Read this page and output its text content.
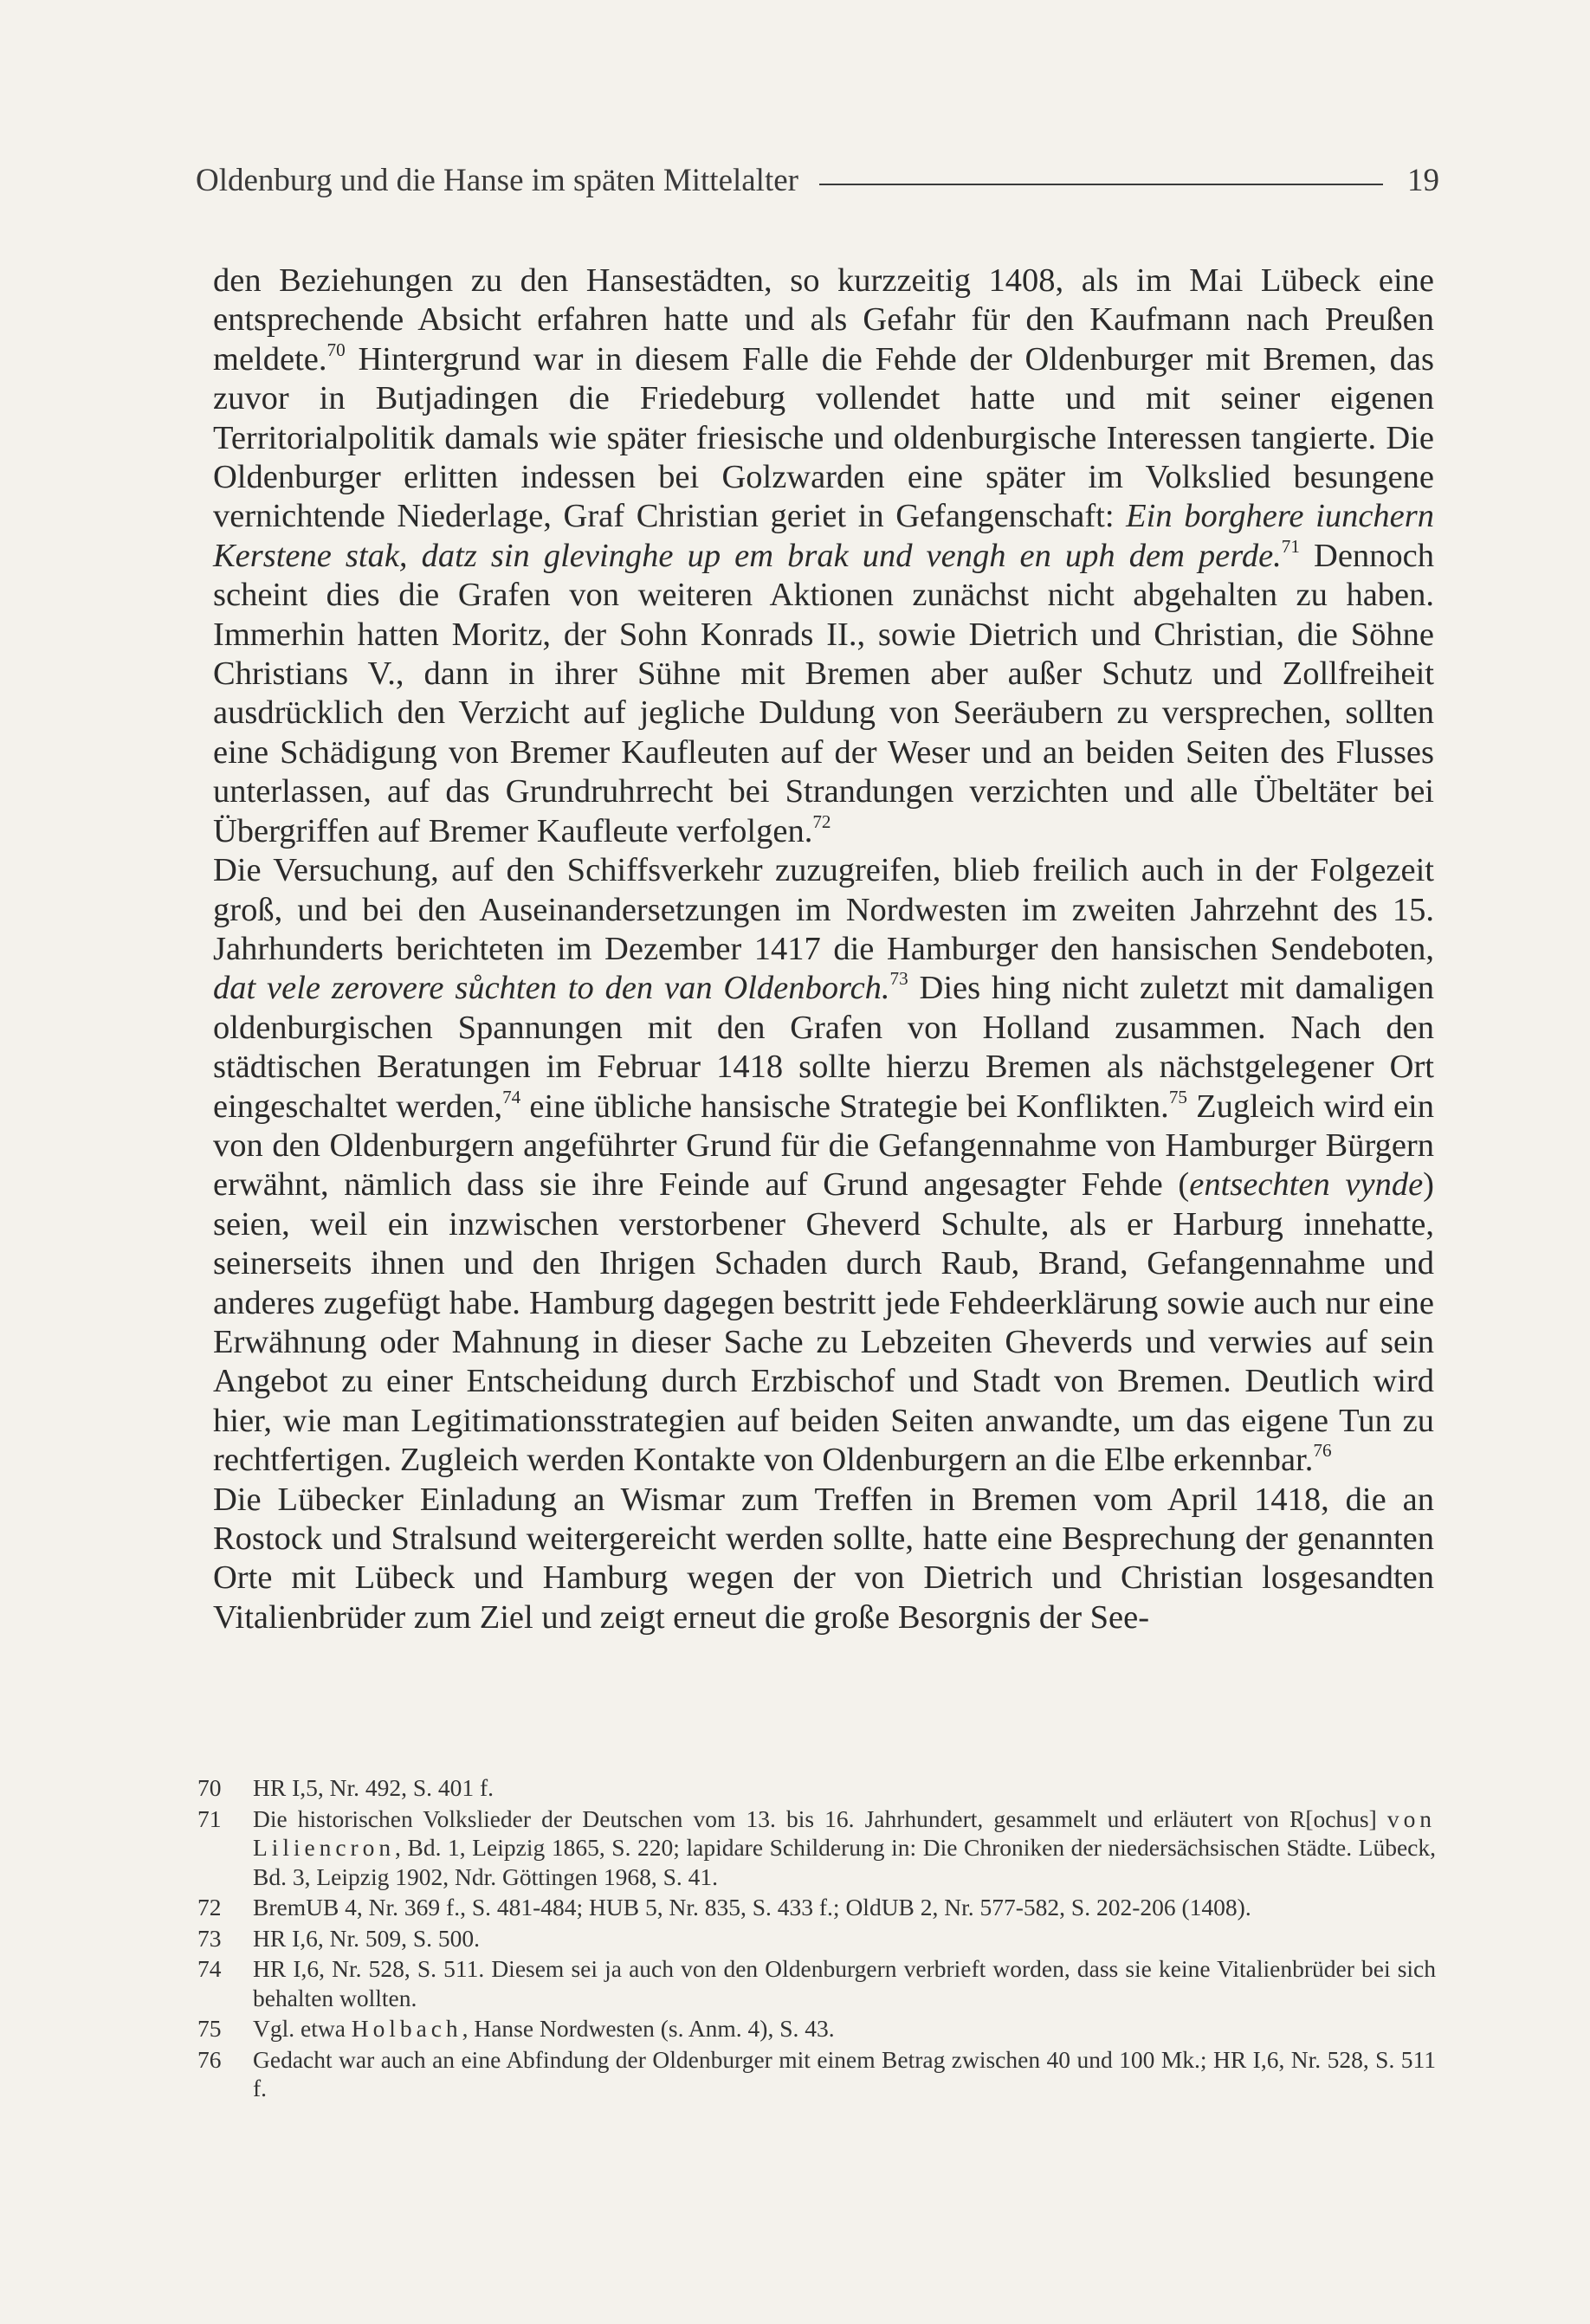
Oldenburg und die Hanse im späten Mittelalter	19

den Beziehungen zu den Hansestädten, so kurzzeitig 1408, als im Mai Lübeck eine entsprechende Absicht erfahren hatte und als Gefahr für den Kaufmann nach Preußen meldete.$^{70}$ Hintergrund war in diesem Falle die Fehde der Oldenburger mit Bremen, das zuvor in Butjadingen die Friedeburg vollendet hatte und mit seiner eigenen Territorialpolitik damals wie später friesische und oldenburgische Interessen tangierte. Die Oldenburger erlitten indessen bei Golzwarden eine später im Volkslied besungene vernichtende Niederlage, Graf Christian geriet in Gefangenschaft: Ein borghere iunchern Kerstene stak, datz sin glevinghe up em brak und vengh en uph dem perde.$^{71}$ Dennoch scheint dies die Grafen von weiteren Aktionen zunächst nicht abgehalten zu haben. Immerhin hatten Moritz, der Sohn Konrads II., sowie Dietrich und Christian, die Söhne Christians V., dann in ihrer Sühne mit Bremen aber außer Schutz und Zollfreiheit ausdrücklich den Verzicht auf jegliche Duldung von Seeräubern zu versprechen, sollten eine Schädigung von Bremer Kaufleuten auf der Weser und an beiden Seiten des Flusses unterlassen, auf das Grundruhrrecht bei Strandungen verzichten und alle Übeltäter bei Übergriffen auf Bremer Kaufleute verfolgen.$^{72}$

Die Versuchung, auf den Schiffsverkehr zuzugreifen, blieb freilich auch in der Folgezeit groß, und bei den Auseinandersetzungen im Nordwesten im zweiten Jahrzehnt des 15. Jahrhunderts berichteten im Dezember 1417 die Hamburger den hansischen Sendeboten, dat vele zerovere sůchten to den van Oldenborch.$^{73}$ Dies hing nicht zuletzt mit damaligen oldenburgischen Spannungen mit den Grafen von Holland zusammen. Nach den städtischen Beratungen im Februar 1418 sollte hierzu Bremen als nächstgelegener Ort eingeschaltet werden,$^{74}$ eine übliche hansische Strategie bei Konflikten.$^{75}$ Zugleich wird ein von den Oldenburgern angeführter Grund für die Gefangennahme von Hamburger Bürgern erwähnt, nämlich dass sie ihre Feinde auf Grund angesagter Fehde (entsechten vynde) seien, weil ein inzwischen verstorbener Gheverd Schulte, als er Harburg innehatte, seinerseits ihnen und den Ihrigen Schaden durch Raub, Brand, Gefangennahme und anderes zugefügt habe. Hamburg dagegen bestritt jede Fehdeerklärung sowie auch nur eine Erwähnung oder Mahnung in dieser Sache zu Lebzeiten Gheverds und verwies auf sein Angebot zu einer Entscheidung durch Erzbischof und Stadt von Bremen. Deutlich wird hier, wie man Legitimationsstrategien auf beiden Seiten anwandte, um das eigene Tun zu rechtfertigen. Zugleich werden Kontakte von Oldenburgern an die Elbe erkennbar.$^{76}$

Die Lübecker Einladung an Wismar zum Treffen in Bremen vom April 1418, die an Rostock und Stralsund weitergereicht werden sollte, hatte eine Besprechung der genannten Orte mit Lübeck und Hamburg wegen der von Dietrich und Christian losgesandten Vitalienbrüder zum Ziel und zeigt erneut die große Besorgnis der See-

70	HR I,5, Nr. 492, S. 401 f.
71	Die historischen Volkslieder der Deutschen vom 13. bis 16. Jahrhundert, gesammelt und erläutert von R[ochus] von Liliencron, Bd. 1, Leipzig 1865, S. 220; lapidare Schilderung in: Die Chroniken der niedersächsischen Städte. Lübeck, Bd. 3, Leipzig 1902, Ndr. Göttingen 1968, S. 41.
72	BremUB 4, Nr. 369 f., S. 481-484; HUB 5, Nr. 835, S. 433 f.; OldUB 2, Nr. 577-582, S. 202-206 (1408).
73	HR I,6, Nr. 509, S. 500.
74	HR I,6, Nr. 528, S. 511. Diesem sei ja auch von den Oldenburgern verbrieft worden, dass sie keine Vitalienbrüder bei sich behalten wollten.
75	Vgl. etwa Holbach, Hanse Nordwesten (s. Anm. 4), S. 43.
76	Gedacht war auch an eine Abfindung der Oldenburger mit einem Betrag zwischen 40 und 100 Mk.; HR I,6, Nr. 528, S. 511 f.
